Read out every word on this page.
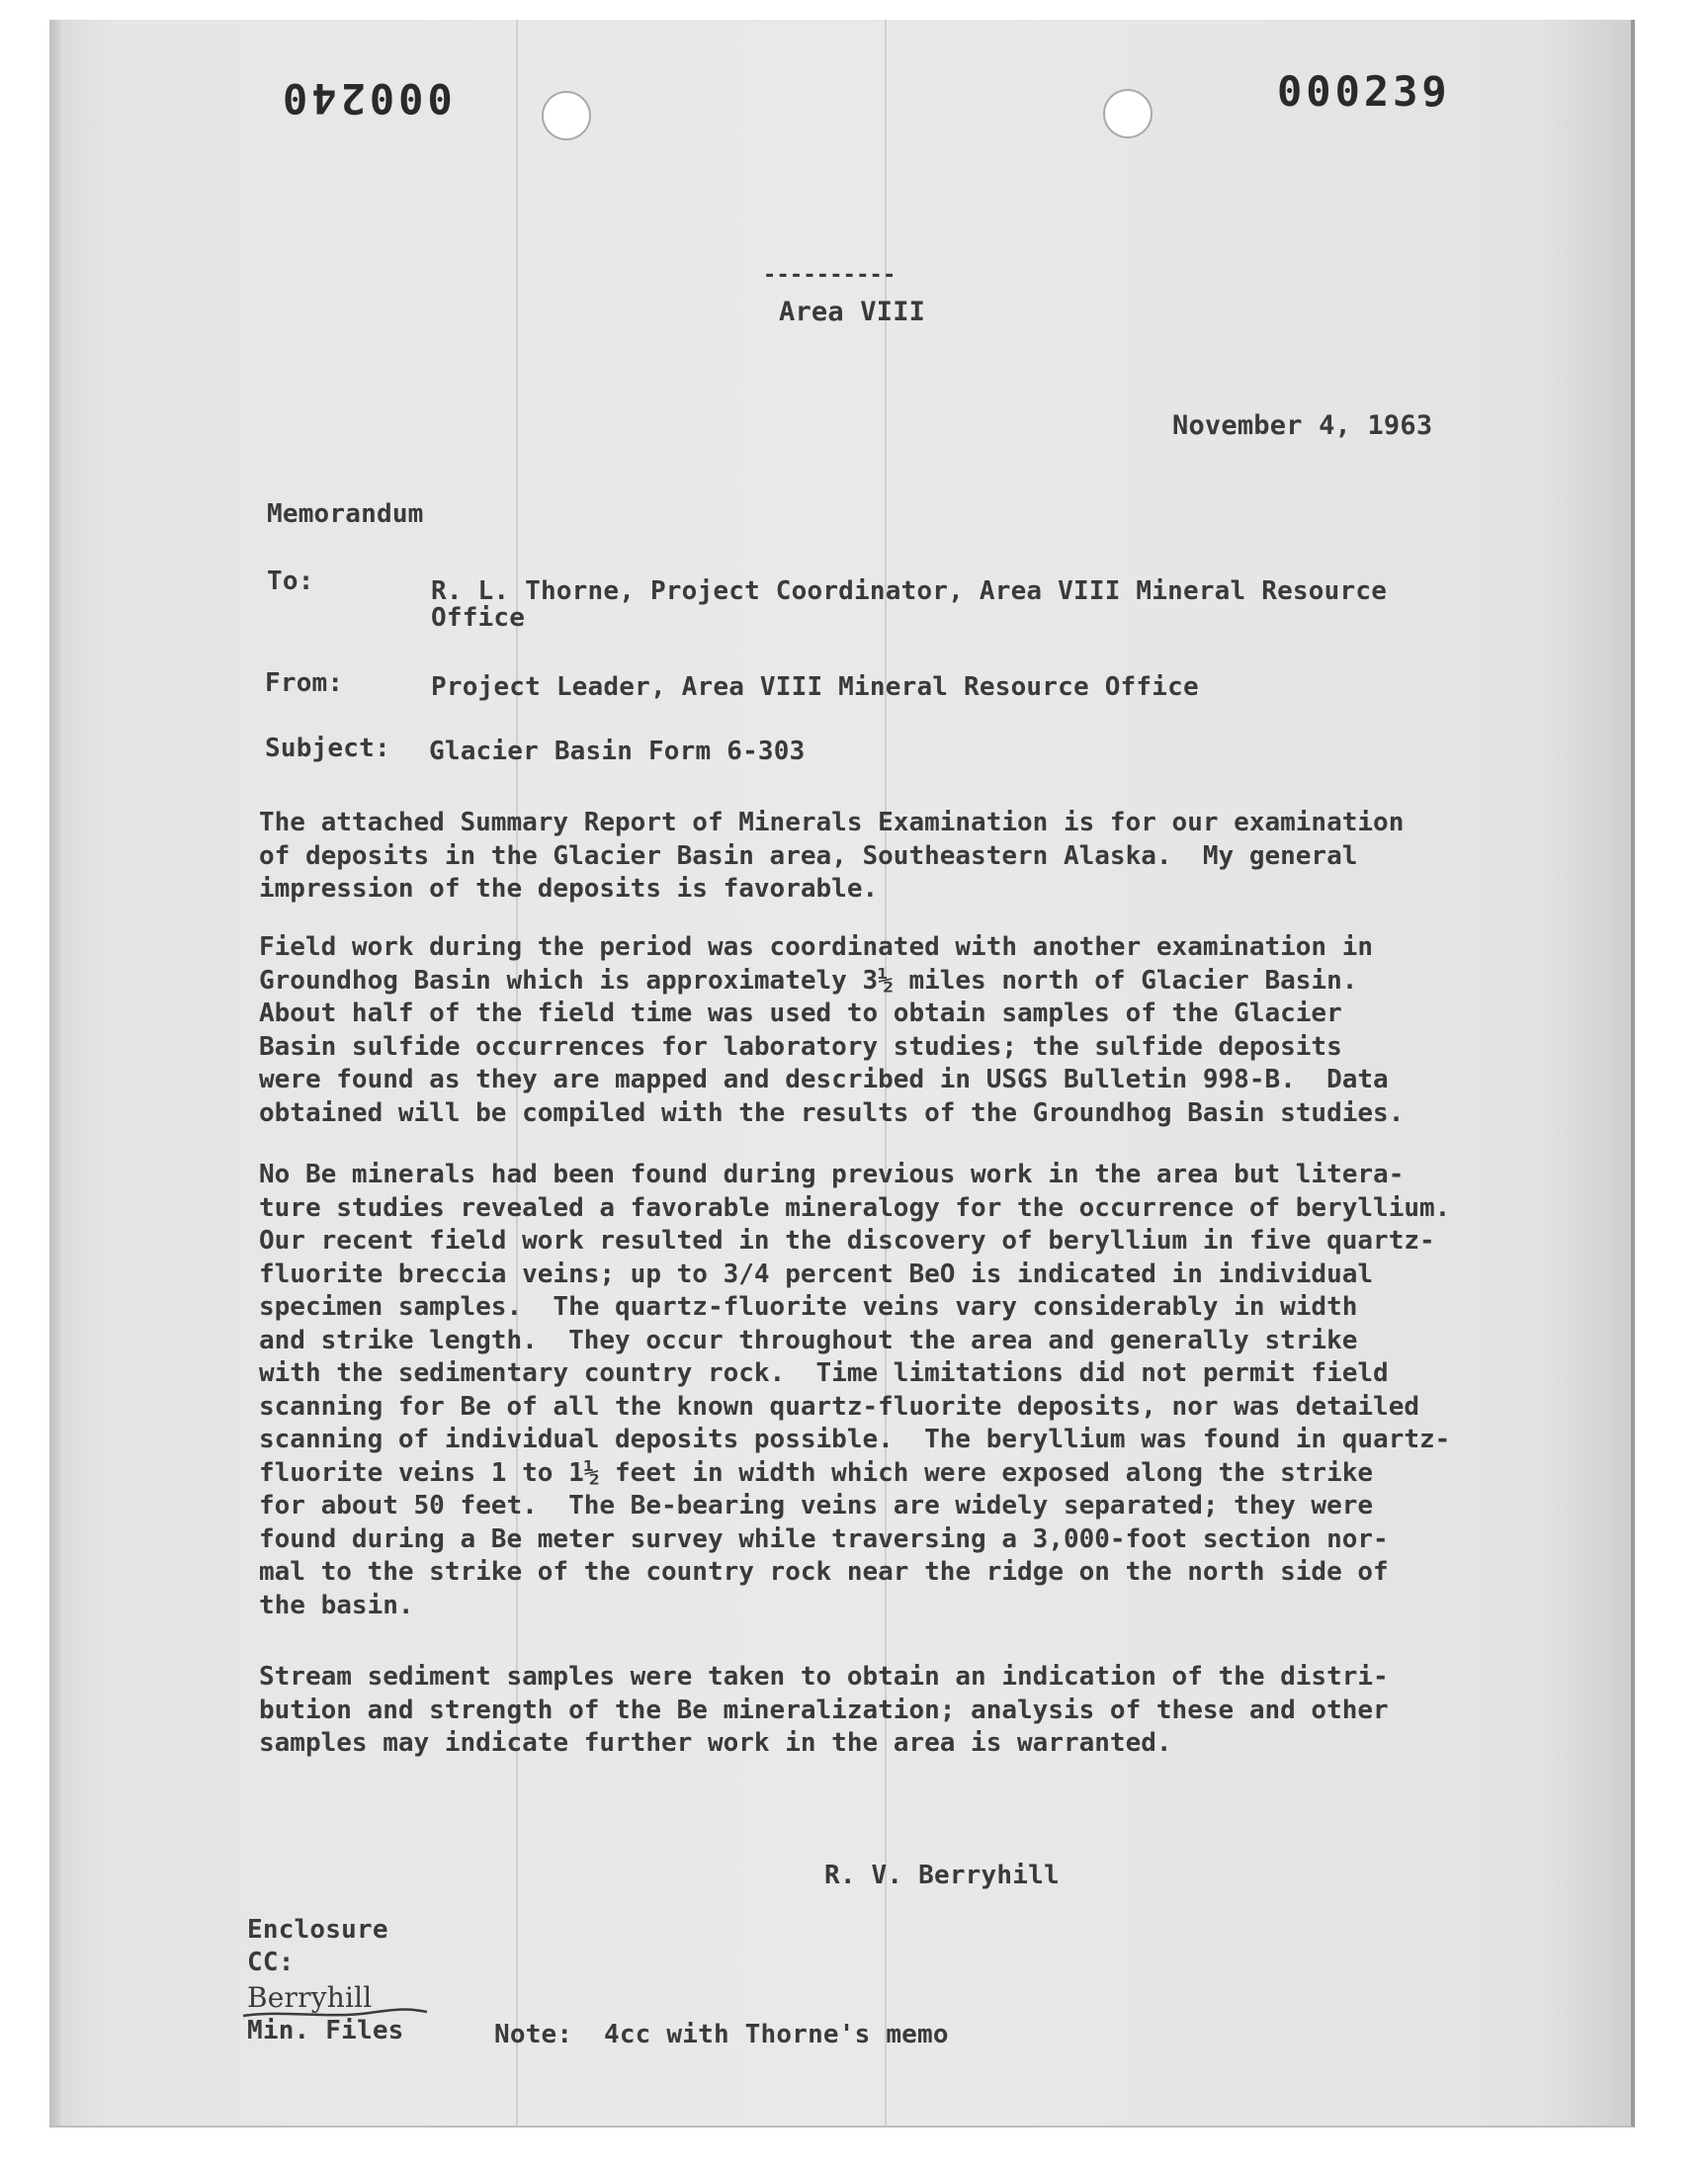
000240	000239
----------
Area VIII
November 4, 1963
Memorandum
To:	R. L. Thorne, Project Coordinator, Area VIII Mineral Resource
Office
From:	Project Leader, Area VIII Mineral Resource Office
Subject: Glacier Basin Form 6-303

The attached Summary Report of Minerals Examination is for our examination
of deposits in the Glacier Basin area, Southeastern Alaska.  My general
impression of the deposits is favorable.

Field work during the period was coordinated with another examination in
Groundhog Basin which is approximately 3½ miles north of Glacier Basin.
About half of the field time was used to obtain samples of the Glacier
Basin sulfide occurrences for laboratory studies; the sulfide deposits
were found as they are mapped and described in USGS Bulletin 998-B.  Data
obtained will be compiled with the results of the Groundhog Basin studies.

No Be minerals had been found during previous work in the area but litera-
ture studies revealed a favorable mineralogy for the occurrence of beryllium.
Our recent field work resulted in the discovery of beryllium in five quartz-
fluorite breccia veins; up to 3/4 percent BeO is indicated in individual
specimen samples.  The quartz-fluorite veins vary considerably in width
and strike length.  They occur throughout the area and generally strike
with the sedimentary country rock.  Time limitations did not permit field
scanning for Be of all the known quartz-fluorite deposits, nor was detailed
scanning of individual deposits possible.  The beryllium was found in quartz-
fluorite veins 1 to 1½ feet in width which were exposed along the strike
for about 50 feet.  The Be-bearing veins are widely separated; they were
found during a Be meter survey while traversing a 3,000-foot section nor-
mal to the strike of the country rock near the ridge on the north side of
the basin.

Stream sediment samples were taken to obtain an indication of the distri-
bution and strength of the Be mineralization; analysis of these and other
samples may indicate further work in the area is warranted.

R. V. Berryhill
Enclosure
CC:
Berryhill
Min. Files	Note:  4cc with Thorne's memo
